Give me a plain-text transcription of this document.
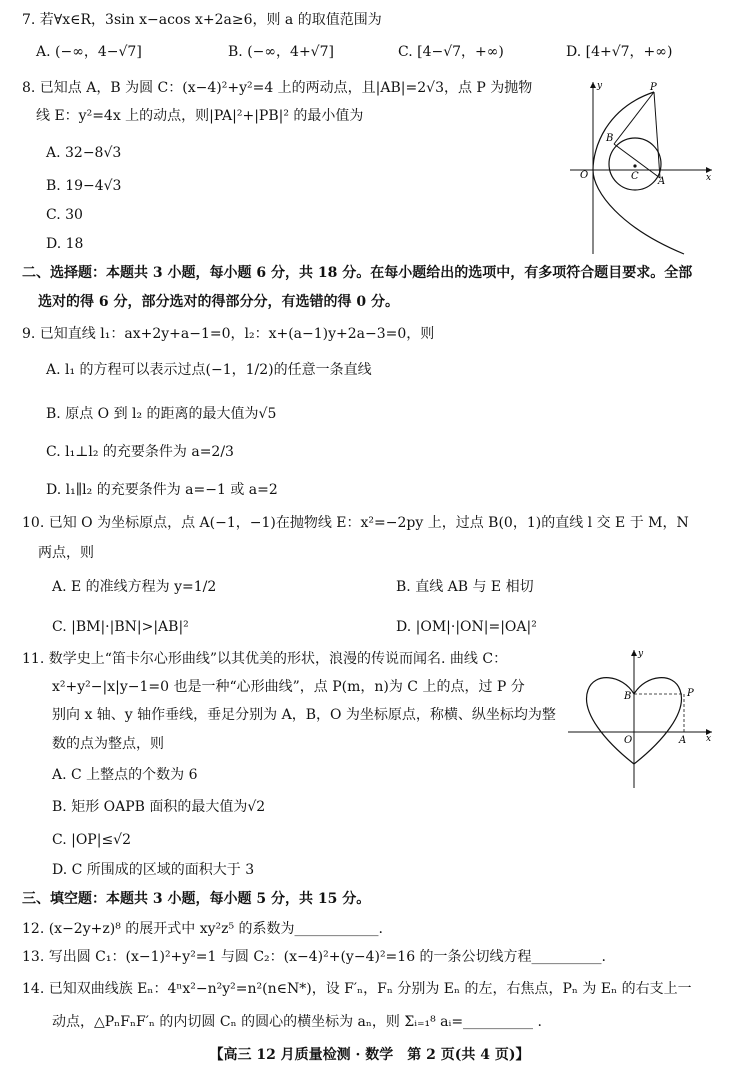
7. 若∀x∈R，3sin x−acos x+2a≥6，则 a 的取值范围为
A. (−∞，4−√7]	B. (−∞，4+√7]	C. [4−√7，+∞)	D. [4+√7，+∞)
8. 已知点 A，B 为圆 C：(x−4)²+y²=4 上的两动点，且|AB|=2√3，点 P 为抛物
线 E：y²=4x 上的动点，则|PA|²+|PB|² 的最小值为
A. 32−8√3
B. 19−4√3
C. 30
D. 18
P
B
O	C A	x
y
二、选择题：本题共 3 小题，每小题 6 分，共 18 分。在每小题给出的选项中，有多项符合题目要求。全部
选对的得 6 分，部分选对的得部分分，有选错的得 0 分。
9. 已知直线 l₁：ax+2y+a−1=0，l₂：x+(a−1)y+2a−3=0，则
A. l₁ 的方程可以表示过点(−1，1/2)的任意一条直线
B. 原点 O 到 l₂ 的距离的最大值为√5
C. l₁⊥l₂ 的充要条件为 a=2/3
D. l₁∥l₂ 的充要条件为 a=−1 或 a=2
10. 已知 O 为坐标原点，点 A(−1，−1)在抛物线 E：x²=−2py 上，过点 B(0，1)的直线 l 交 E 于 M，N
两点，则
A. E 的准线方程为 y=1/2	B. 直线 AB 与 E 相切
C. |BM|·|BN|>|AB|²	D. |OM|·|ON|=|OA|²
11. 数学史上“笛卡尔心形曲线”以其优美的形状，浪漫的传说而闻名. 曲线 C：
x²+y²−|x|y−1=0 也是一种“心形曲线”，点 P(m，n)为 C 上的点，过 P 分
别向 x 轴、y 轴作垂线，垂足分别为 A，B，O 为坐标原点，称横、纵坐标均为整
数的点为整点，则
A. C 上整点的个数为 6
B. 矩形 OAPB 面积的最大值为√2
C. |OP|≤√2
D. C 所围成的区域的面积大于 3
B	P
O	A x
y
三、填空题：本题共 3 小题，每小题 5 分，共 15 分。
12. (x−2y+z)⁸ 的展开式中 xy²z⁵ 的系数为____________.
13. 写出圆 C₁：(x−1)²+y²=1 与圆 C₂：(x−4)²+(y−4)²=16 的一条公切线方程__________.
14. 已知双曲线族 Eₙ：4ⁿx²−n²y²=n²(n∈N*)，设 F′ₙ，Fₙ 分别为 Eₙ 的左，右焦点，Pₙ 为 Eₙ 的右支上一
动点，△PₙFₙF′ₙ 的内切圆 Cₙ 的圆心的横坐标为 aₙ，则 Σᵢ₌₁⁸ aᵢ=__________ .
【高三 12 月质量检测 · 数学　第 2 页(共 4 页)】
